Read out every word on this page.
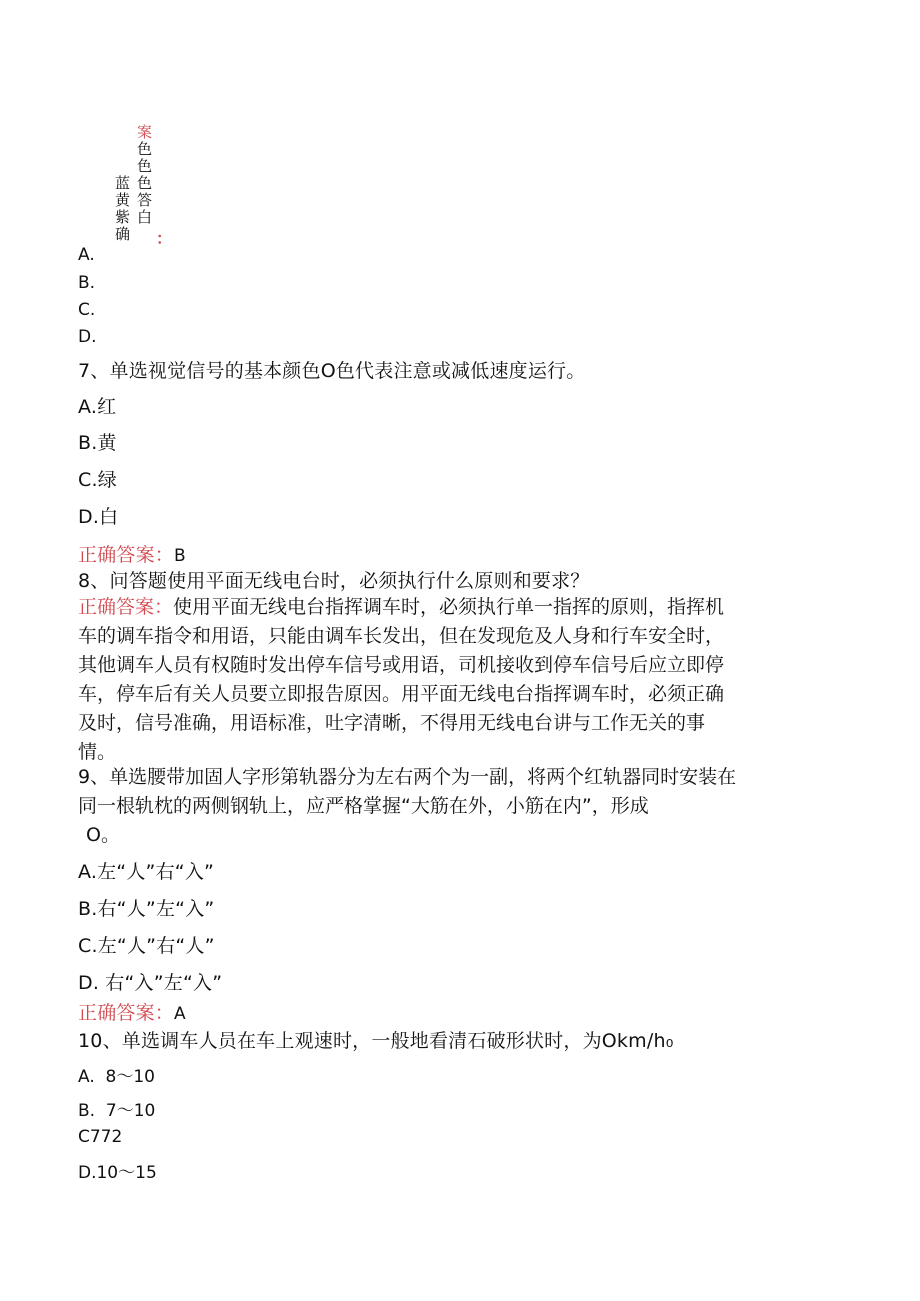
案
色
色
色
答
白
蓝
黄
紫
确 ：
A.
B.
C.
D.
7、单选视觉信号的基本颜色O色代表注意或减低速度运行。
A.红
B.黄
C.绿
D.白
正确答案：B
8、问答题使用平面无线电台时，必须执行什么原则和要求？
正确答案：使用平面无线电台指挥调车时，必须执行单一指挥的原则，指挥机
车的调车指令和用语，只能由调车长发出，但在发现危及人身和行车安全时，
其他调车人员有权随时发出停车信号或用语，司机接收到停车信号后应立即停
车，停车后有关人员要立即报告原因。用平面无线电台指挥调车时，必须正确
及时，信号准确，用语标准，吐字清晰，不得用无线电台讲与工作无关的事
情。
9、单选腰带加固人字形第轨器分为左右两个为一副，将两个红轨器同时安装在
同一根轨枕的两侧钢轨上，应严格掌握“大筋在外，小筋在内”，形成
O。
A.左“人”右“入”
B.右“人”左“入”
C.左“人”右“人”
D. 右“入”左“入”
正确答案：A
10、单选调车人员在车上观速时，一般地看清石破形状时，为Okm∕h₀
A.  8～10
B.  7～10
C772
D.10～15
